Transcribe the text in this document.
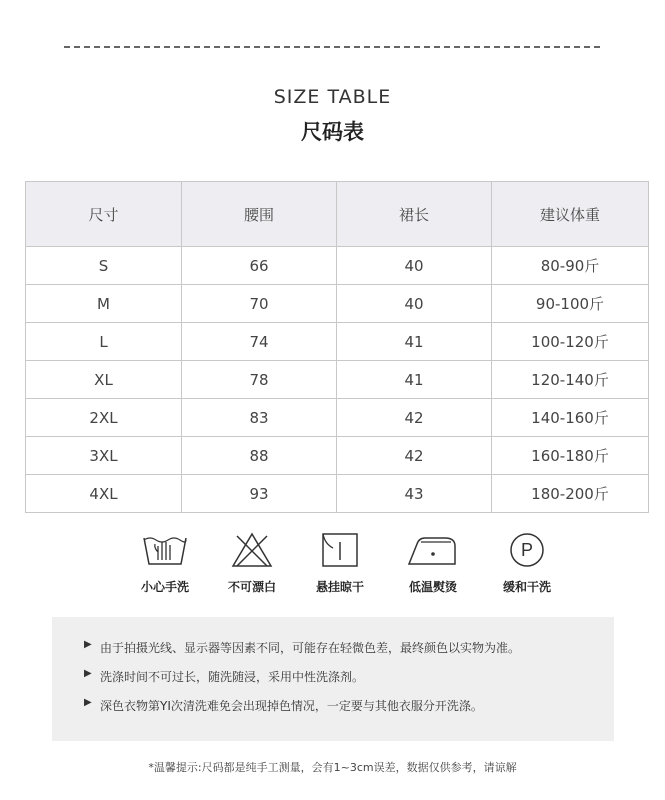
SIZE TABLE
尺码表
尺寸	腰围	裙长	建议体重
S	66	40	80-90斤
M	70	40	90-100斤
L	74	41	100-120斤
XL	78	41	120-140斤
2XL	83	42	140-160斤
3XL	88	42	160-180斤
4XL	93	43	180-200斤
小心手洗	不可漂白	悬挂晾干	低温熨烫
P
缓和干洗
▶ 由于拍摄光线、显示器等因素不同，可能存在轻微色差，最终颜色以实物为准。
▶ 洗涤时间不可过长，随洗随浸，采用中性洗涤剂。
▶ 深色衣物第YI次清洗难免会出现掉色情况，一定要与其他衣服分开洗涤。
*温馨提示:尺码都是纯手工测量，会有1~3cm误差，数据仅供参考，请谅解
